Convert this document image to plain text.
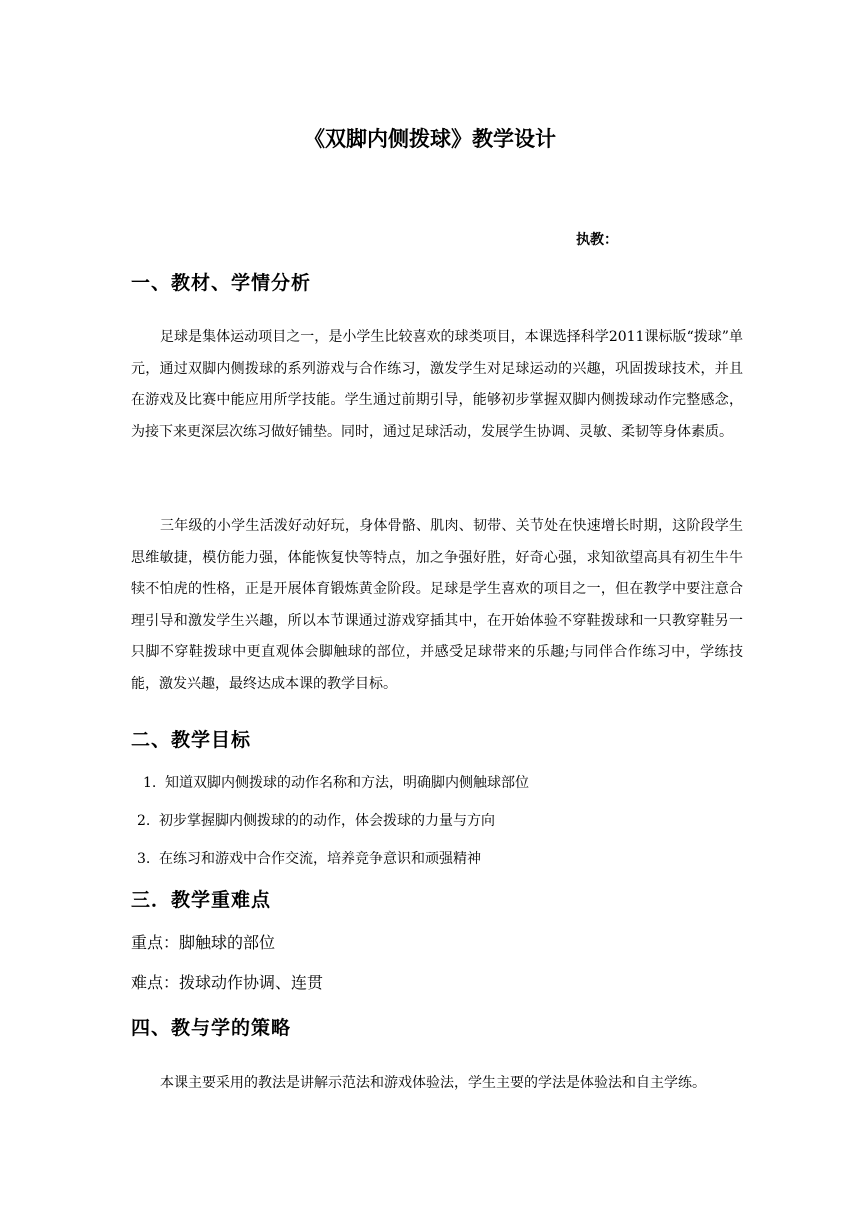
《双脚内侧拨球》教学设计

执教：

一、教材、学情分析

足球是集体运动项目之一，是小学生比较喜欢的球类项目，本课选择科学2011课标版“拨球”单元，通过双脚内侧拨球的系列游戏与合作练习，激发学生对足球运动的兴趣，巩固拨球技术，并且在游戏及比赛中能应用所学技能。学生通过前期引导，能够初步掌握双脚内侧拨球动作完整感念，为接下来更深层次练习做好铺垫。同时，通过足球活动，发展学生协调、灵敏、柔韧等身体素质。

三年级的小学生活泼好动好玩，身体骨骼、肌肉、韧带、关节处在快速增长时期，这阶段学生思维敏捷，模仿能力强，体能恢复快等特点，加之争强好胜，好奇心强，求知欲望高具有初生牛牛犊不怕虎的性格，正是开展体育锻炼黄金阶段。足球是学生喜欢的项目之一，但在教学中要注意合理引导和激发学生兴趣，所以本节课通过游戏穿插其中，在开始体验不穿鞋拨球和一只教穿鞋另一只脚不穿鞋拨球中更直观体会脚触球的部位，并感受足球带来的乐趣;与同伴合作练习中，学练技能，激发兴趣，最终达成本课的教学目标。

二、教学目标

1. 知道双脚内侧拨球的动作名称和方法，明确脚内侧触球部位

2. 初步掌握脚内侧拨球的的动作，体会拨球的力量与方向

3. 在练习和游戏中合作交流，培养竞争意识和顽强精神

三．教学重难点

重点：脚触球的部位

难点：拨球动作协调、连贯

四、教与学的策略

本课主要采用的教法是讲解示范法和游戏体验法，学生主要的学法是体验法和自主学练。
